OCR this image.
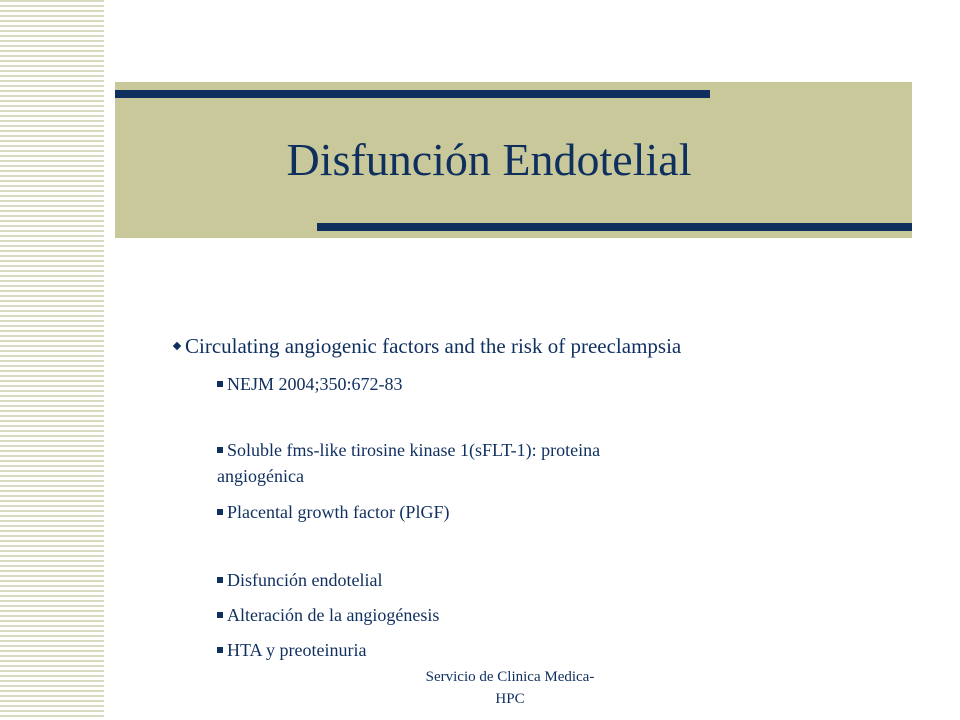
Disfunción Endotelial
Circulating angiogenic factors and the risk of preeclampsia
NEJM 2004;350:672-83
Soluble fms-like tirosine kinase 1(sFLT-1): proteina
angiogénica
Placental growth factor (PlGF)
Disfunción endotelial
Alteración de la angiogénesis
HTA y preoteinuria
Servicio de Clinica Medica-
HPC
